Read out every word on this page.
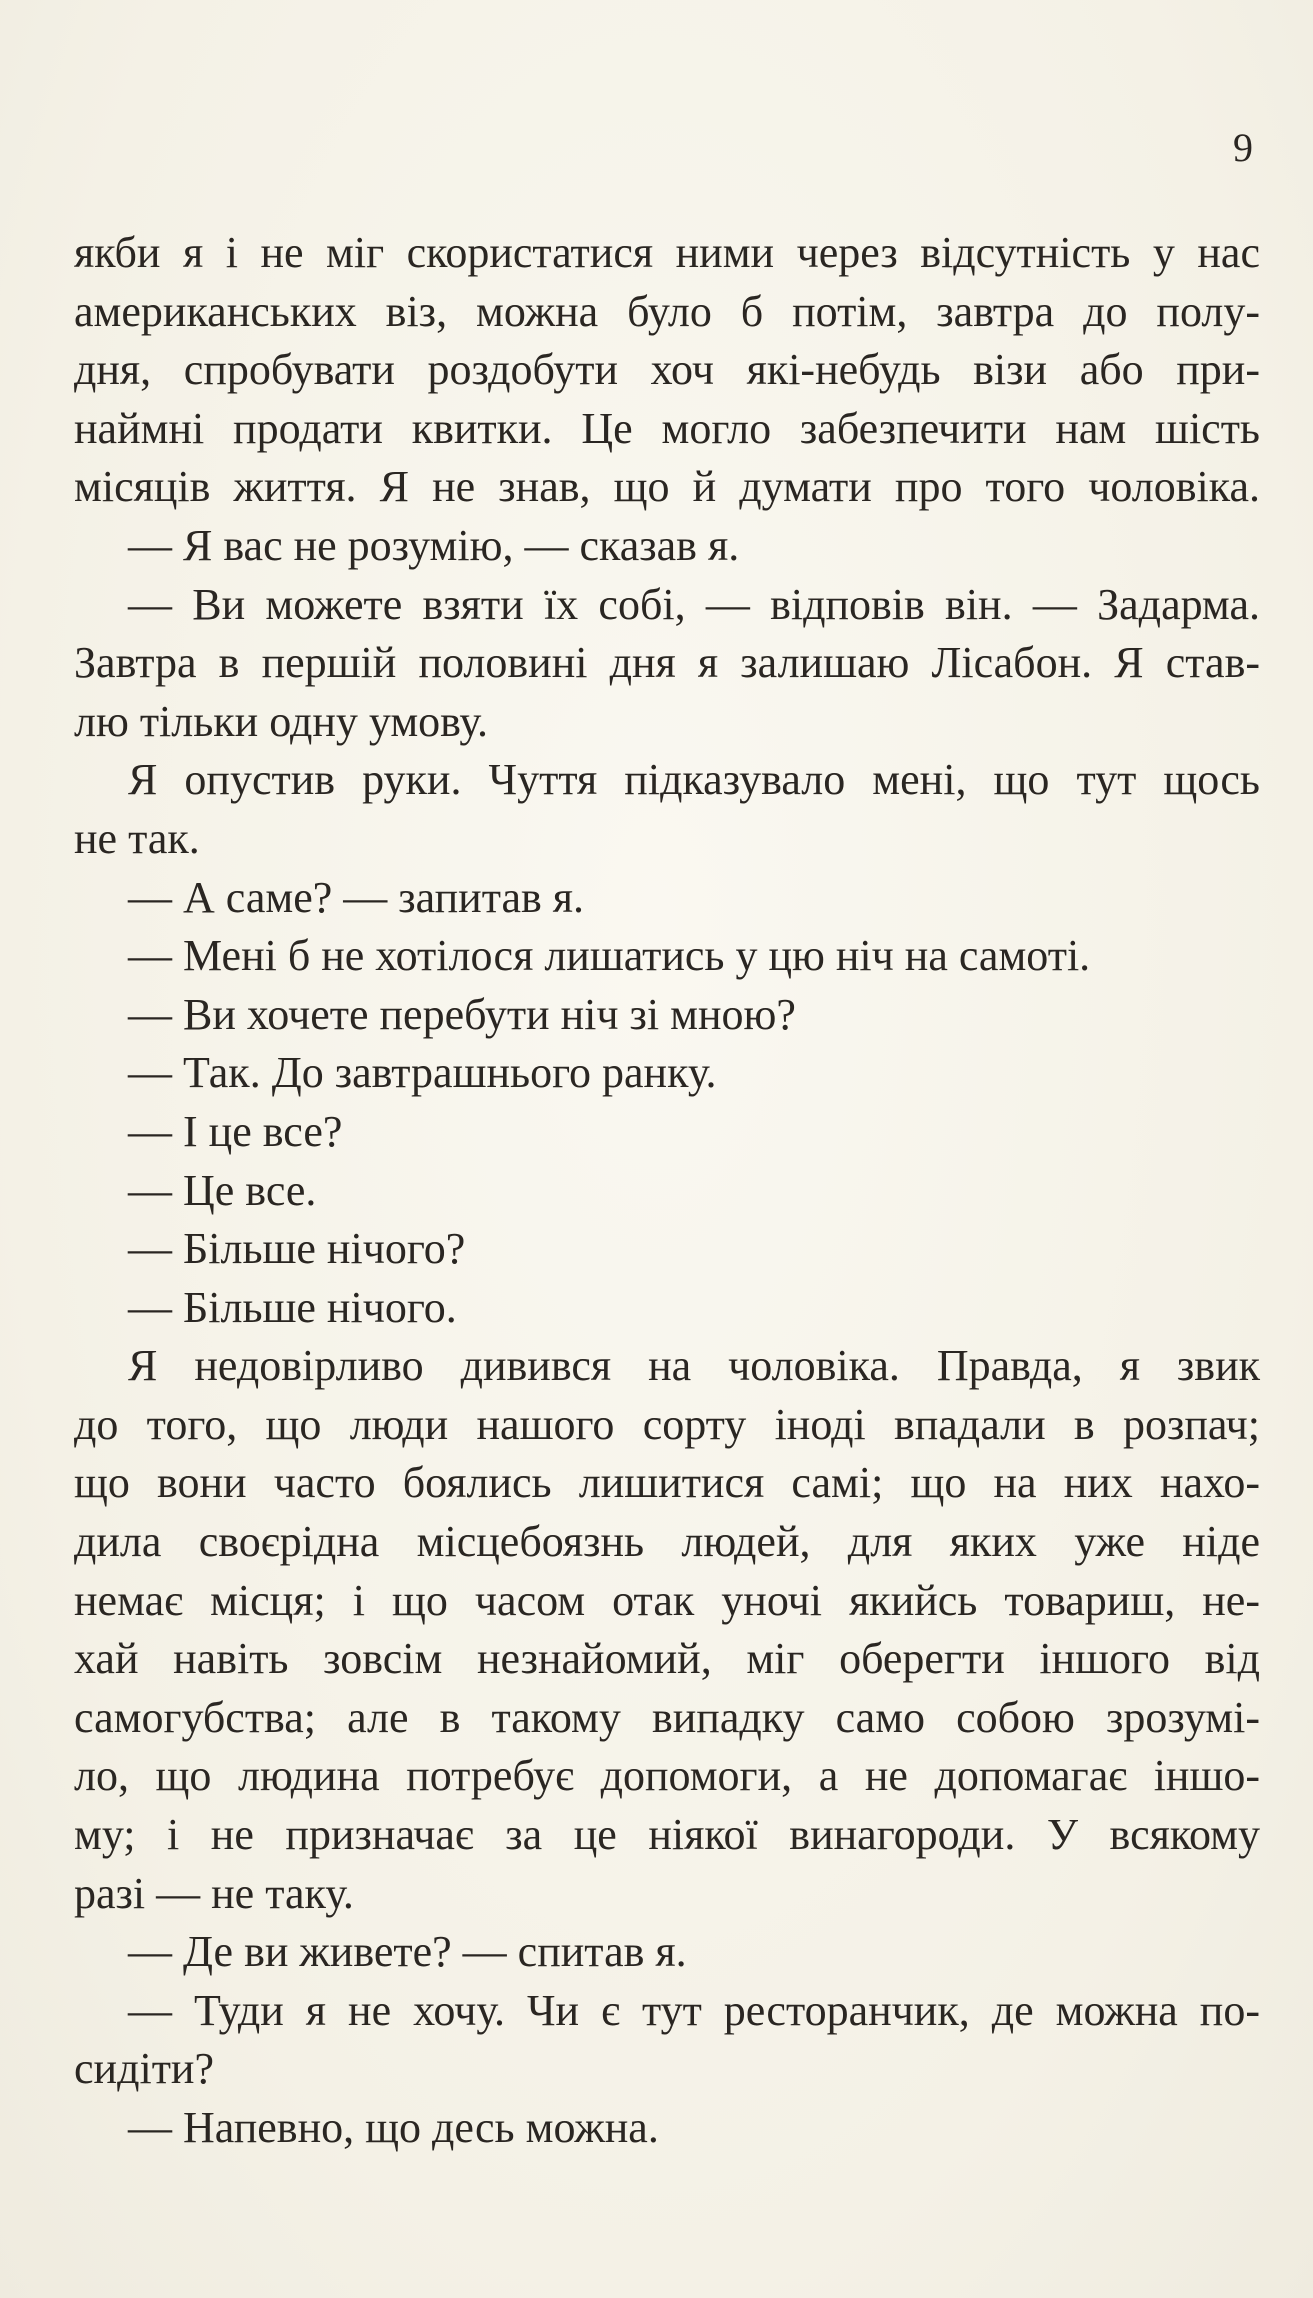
9
якби я і не міг скористатися ними через відсутність у нас
американських віз, можна було б потім, завтра до полу-
дня, спробувати роздобути хоч які-небудь візи або при-
наймні продати квитки. Це могло забезпечити нам шість
місяців життя. Я не знав, що й думати про того чоловіка.
— Я вас не розумію, — сказав я.
— Ви можете взяти їх собі, — відповів він. — Задарма.
Завтра в першій половині дня я залишаю Лісабон. Я став-
лю тільки одну умову.
Я опустив руки. Чуття підказувало мені, що тут щось
не так.
— А саме? — запитав я.
— Мені б не хотілося лишатись у цю ніч на самоті.
— Ви хочете перебути ніч зі мною?
— Так. До завтрашнього ранку.
— І це все?
— Це все.
— Більше нічого?
— Більше нічого.
Я недовірливо дивився на чоловіка. Правда, я звик
до того, що люди нашого сорту іноді впадали в розпач;
що вони часто боялись лишитися самі; що на них нахо-
дила своєрідна місцебоязнь людей, для яких уже ніде
немає місця; і що часом отак уночі якийсь товариш, не-
хай навіть зовсім незнайомий, міг оберегти іншого від
самогубства; але в такому випадку само собою зрозумі-
ло, що людина потребує допомоги, а не допомагає іншо-
му; і не призначає за це ніякої винагороди. У всякому
разі — не таку.
— Де ви живете? — спитав я.
— Туди я не хочу. Чи є тут ресторанчик, де можна по-
сидіти?
— Напевно, що десь можна.
